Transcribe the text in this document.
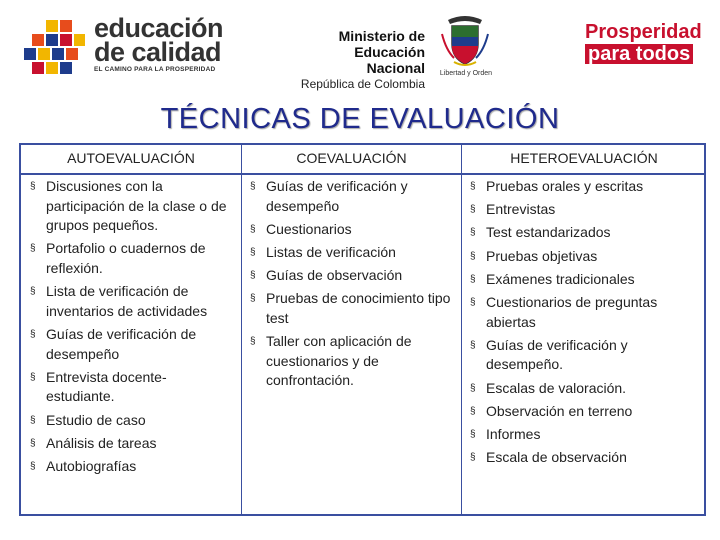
educación
de calidad
EL CAMINO PARA LA PROSPERIDAD
Ministerio de
Educación Nacional
República de Colombia
Libertad y Orden
Prosperidad
para todos
TÉCNICAS DE EVALUACIÓN
AUTOEVALUACIÓN	COEVALUACIÓN	HETEROEVALUACIÓN
§ Discusiones con la participación de la clase o de grupos pequeños.
§ Portafolio o cuadernos de reflexión.
§ Lista de verificación de inventarios de actividades
§ Guías de verificación de desempeño
§ Entrevista docente-estudiante.
§ Estudio de caso
§ Análisis de tareas
§ Autobiografías
§ Guías de verificación y desempeño
§ Cuestionarios
§ Listas de verificación
§ Guías de observación
§ Pruebas de conocimiento tipo test
§ Taller con aplicación de cuestionarios y de confrontación.
§ Pruebas orales y escritas
§ Entrevistas
§ Test estandarizados
§ Pruebas objetivas
§ Exámenes tradicionales
§ Cuestionarios de preguntas abiertas
§ Guías de verificación y desempeño.
§ Escalas de valoración.
§ Observación en terreno
§ Informes
§ Escala de observación
